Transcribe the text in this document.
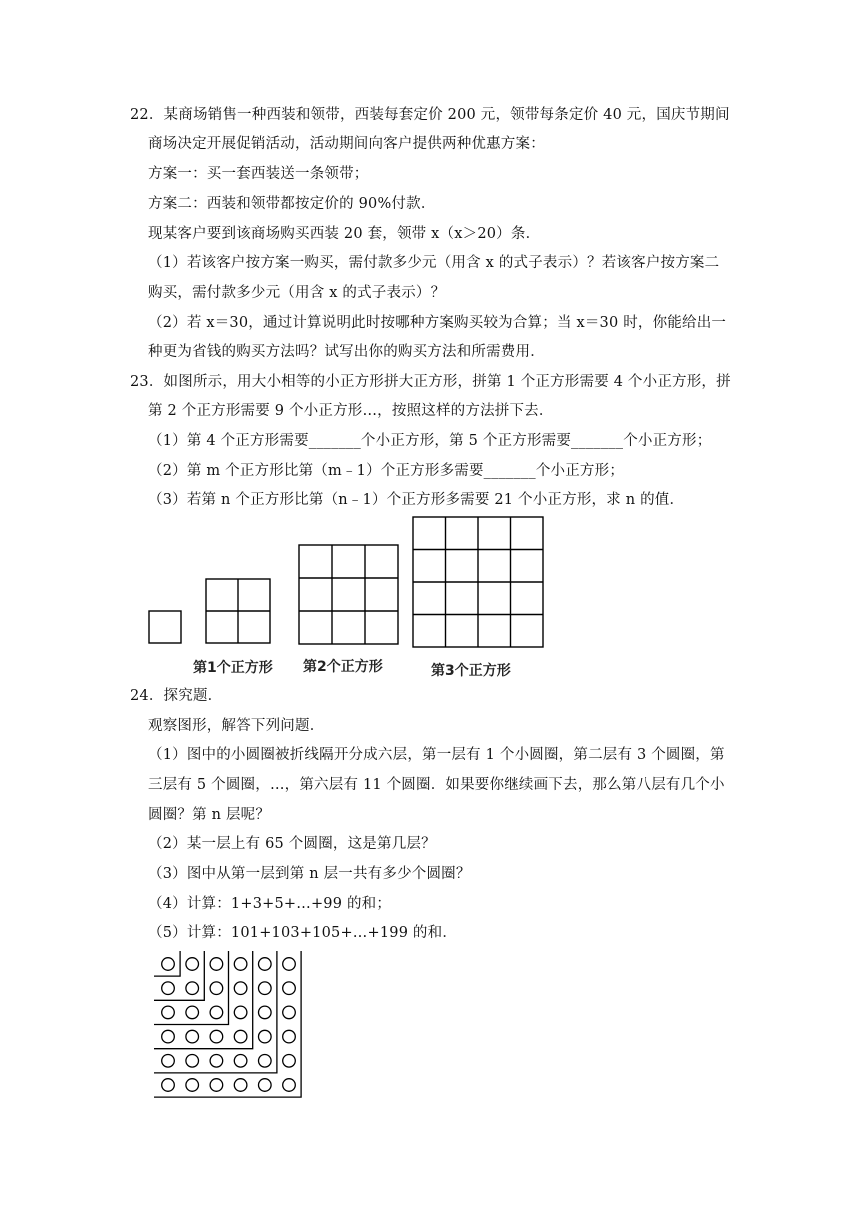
22．某商场销售一种西装和领带，西装每套定价 200 元，领带每条定价 40 元，国庆节期间
商场决定开展促销活动，活动期间向客户提供两种优惠方案：
方案一：买一套西装送一条领带；
方案二：西装和领带都按定价的 90%付款．
现某客户要到该商场购买西装 20 套，领带 x（x＞20）条．
（1）若该客户按方案一购买，需付款多少元（用含 x 的式子表示）？若该客户按方案二
购买，需付款多少元（用含 x 的式子表示）？
（2）若 x＝30，通过计算说明此时按哪种方案购买较为合算；当 x＝30 时，你能给出一
种更为省钱的购买方法吗？试写出你的购买方法和所需费用．
23．如图所示，用大小相等的小正方形拼大正方形，拼第 1 个正方形需要 4 个小正方形，拼
第 2 个正方形需要 9 个小正方形…，按照这样的方法拼下去．
（1）第 4 个正方形需要_______个小正方形，第 5 个正方形需要_______个小正方形；
（2）第 m 个正方形比第（m﹣1）个正方形多需要_______个小正方形；
（3）若第 n 个正方形比第（n﹣1）个正方形多需要 21 个小正方形，求 n 的值．
第1个正方形 第2个正方形	第3个正方形
24．探究题．
观察图形，解答下列问题．
（1）图中的小圆圈被折线隔开分成六层，第一层有 1 个小圆圈，第二层有 3 个圆圈，第
三层有 5 个圆圈，…，第六层有 11 个圆圈．如果要你继续画下去，那么第八层有几个小
圆圈？第 n 层呢？
（2）某一层上有 65 个圆圈，这是第几层？
（3）图中从第一层到第 n 层一共有多少个圆圈？
（4）计算：1+3+5+…+99 的和；
（5）计算：101+103+105+…+199 的和．
